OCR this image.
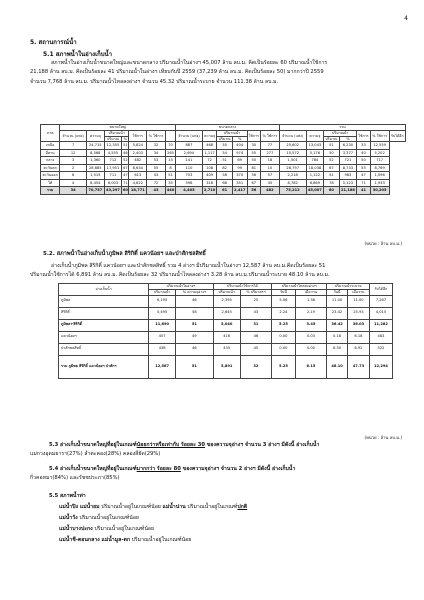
4
5. สถานการณ์น้ำ
5.1 สภาพน้ำในอ่างเก็บน้ำ

สภาพน้ำในอ่างเก็บน้ำขนาดใหญ่และขนาดกลาง ปริมาณน้ำในอ่างฯ 45,007 ล้าน ลบ.ม. คิดเป็นร้อยละ 60 ปริมาณน้ำใช้การ
21,188 ล้าน ลบ.ม. คิดเป็นร้อยละ 41 ปริมาณน้ำในอ่างฯ เทียบกับปี 2559 (37,239 ล้าน ลบ.ม. คิดเป็นร้อยละ 50) มากกว่าปี 2559
จำนวน 7,768 ล้าน ลบ.ม. ปริมาณน้ำไหลลงอ่างฯ จำนวน 45.32 ปริมาณน้ำระบาย จำนวน 111.38 ล้าน ลบ.ม.

ภาค	ขนาดใหญ่							ขนาดกลาง						รวม						
	จำนวน (แห่ง)	ความจุ	ปริมาณน้ำ		ใช้การ	% ใช้การ		จำนวน (แห่ง)	ความจุ	ปริมาณน้ำ		ใช้การ	% ใช้การ	จำนวน (แห่ง)	ความจุ	ปริมาณน้ำ		ใช้การ	% ใช้การ	รับได้อีก
			ปริมาณ	%						ปริมาณ	%					ปริมาณ	%			
เหนือ	7	24,715	12,355	51	5,824	32	70	887	468	55	404	30	77	25,602	13,043	51	6,230	33	12,559	
อีสาน	12	8,568	4,555	46	2,403	34	265	2,694	1,117	54	974	55	277	10,572	5,176	50	3,377	40	5,202	
กลาง	3	1,360	712	52	482	53	15	141	72	51	69	50	18	1,501	784	52	721	50	717	
ตะวันตก	2	28,685	17,951	67	8,634	55	8	110	108	82	99	81	10	28,797	18,038	67	8,733	55	8,769	
ตะวันออก	6	1,515	711	47	613	43	51	703	409	58	370	56	57	2,218	1,122	51	983	47	1,096	
ใต้	4	8,454	6,003	71	4,622	72	35	598	316	68	351	67	45	8,782	6,869	78	5,123	71	1,933	
รวม	34	70,757	43,297	60	18,771	43	440	4,405	2,710	61	2,417	56	482	75,212	45,007	60	21,188	41	30,205	
(หน่วย : ล้าน ลบ.ม.)
5.2. สภาพน้ำในอ่างเก็บน้ำภูมิพล สิริกิติ์ แควน้อยฯ และป่าสักชลสิทธิ์

อ่างเก็บน้ำภูมิพล สิริกิติ์ แควน้อยฯ และป่าสักชลสิทธิ์ รวม 4 อ่างฯ มีปริมาณน้ำในอ่างฯ 12,587 ล้าน ลบ.ม.คิดเป็นร้อยละ 51
ปริมาณน้ำใช้การได้ 6,891 ล้าน ลบ.ม. คิดเป็นร้อยละ 32 ปริมาณน้ำไหลลงอ่างฯ 3.28 ล้าน ลบ.ม.ปริมาณน้ำระบาย 48.10 ล้าน ลบ.ม.

อ่างเก็บน้ำ	ปริมาณน้ำในอ่างฯ		ปริมาณน้ำใช้การได้		ปริมาณน้ำไหลลงอ่างฯ		ปริมาณน้ำระบาย		รับได้อีก
	ปริมาณน้ำ	% ความจุอ่างฯ	ปริมาณน้ำ	% ปริมาตรฯ	วันนี้	เมื่อวาน	วันนี้	เมื่อวาน	
ภูมิพล	6,195	46	2,395	25	5.06	1.38	11.00	11.00	7,267
สิริกิติ์	5,495	58	2,645	43	2.24	2.19	23.42	25.93	4,015
ภูมิพล+สิริกิติ์	11,690	51	5,040	31	5.25	3.45	36.42	36.03	11,282
แควน้อยฯ	457	49	416	46	0.00	0.03	0.18	6.18	483
ป่าสักชลสิทธิ์	438	46	435	45	0.00	0.00	6.50	6.92	522
รวม ภูมิพล สิริกิติ์ แควน้อยฯ ป่าสักฯ	12,587	51	5,891	32	5.25	6.15	48.10	47.73	12,294
(หน่วย : ล้าน ลบ.ม.)

5.3 อ่างเก็บน้ำขนาดใหญ่ที่อยู่ในเกณฑ์น้อยกว่าหรือเท่ากับ ร้อยละ 30 ของความจุอ่างฯ จำนวน 3 อ่างฯ มีดังนี้ อ่างเก็บน้ำ
แม่กวงอุดมธารา(27%) ลำตะคอง(28%) คลองสียัด(29%)

5.4 อ่างเก็บน้ำขนาดใหญ่ที่อยู่ในเกณฑ์มากกว่า ร้อยละ 80 ของความจุอ่างฯ จำนวน 2 อ่างฯ มีดังนี้ อ่างเก็บน้ำ
กิ่วคอหมา(84%) และรัชชประภา(85%)

5.5 สภาพน้ำท่า
แม่น้ำปิง แม่น้ำยม ปริมาณน้ำอยู่ในเกณฑ์น้อย แม่น้ำน่าน ปริมาณน้ำอยู่ในเกณฑ์ปกติ
แม่น้ำวัง ปริมาณน้ำอยู่ในเกณฑ์น้อย
แม่น้ำบางปะกง ปริมาณน้ำอยู่ในเกณฑ์น้อย
แม่น้ำชี-ตอนกลาง แม่น้ำมูล-ตก ปริมาณน้ำอยู่ในเกณฑ์น้อย
